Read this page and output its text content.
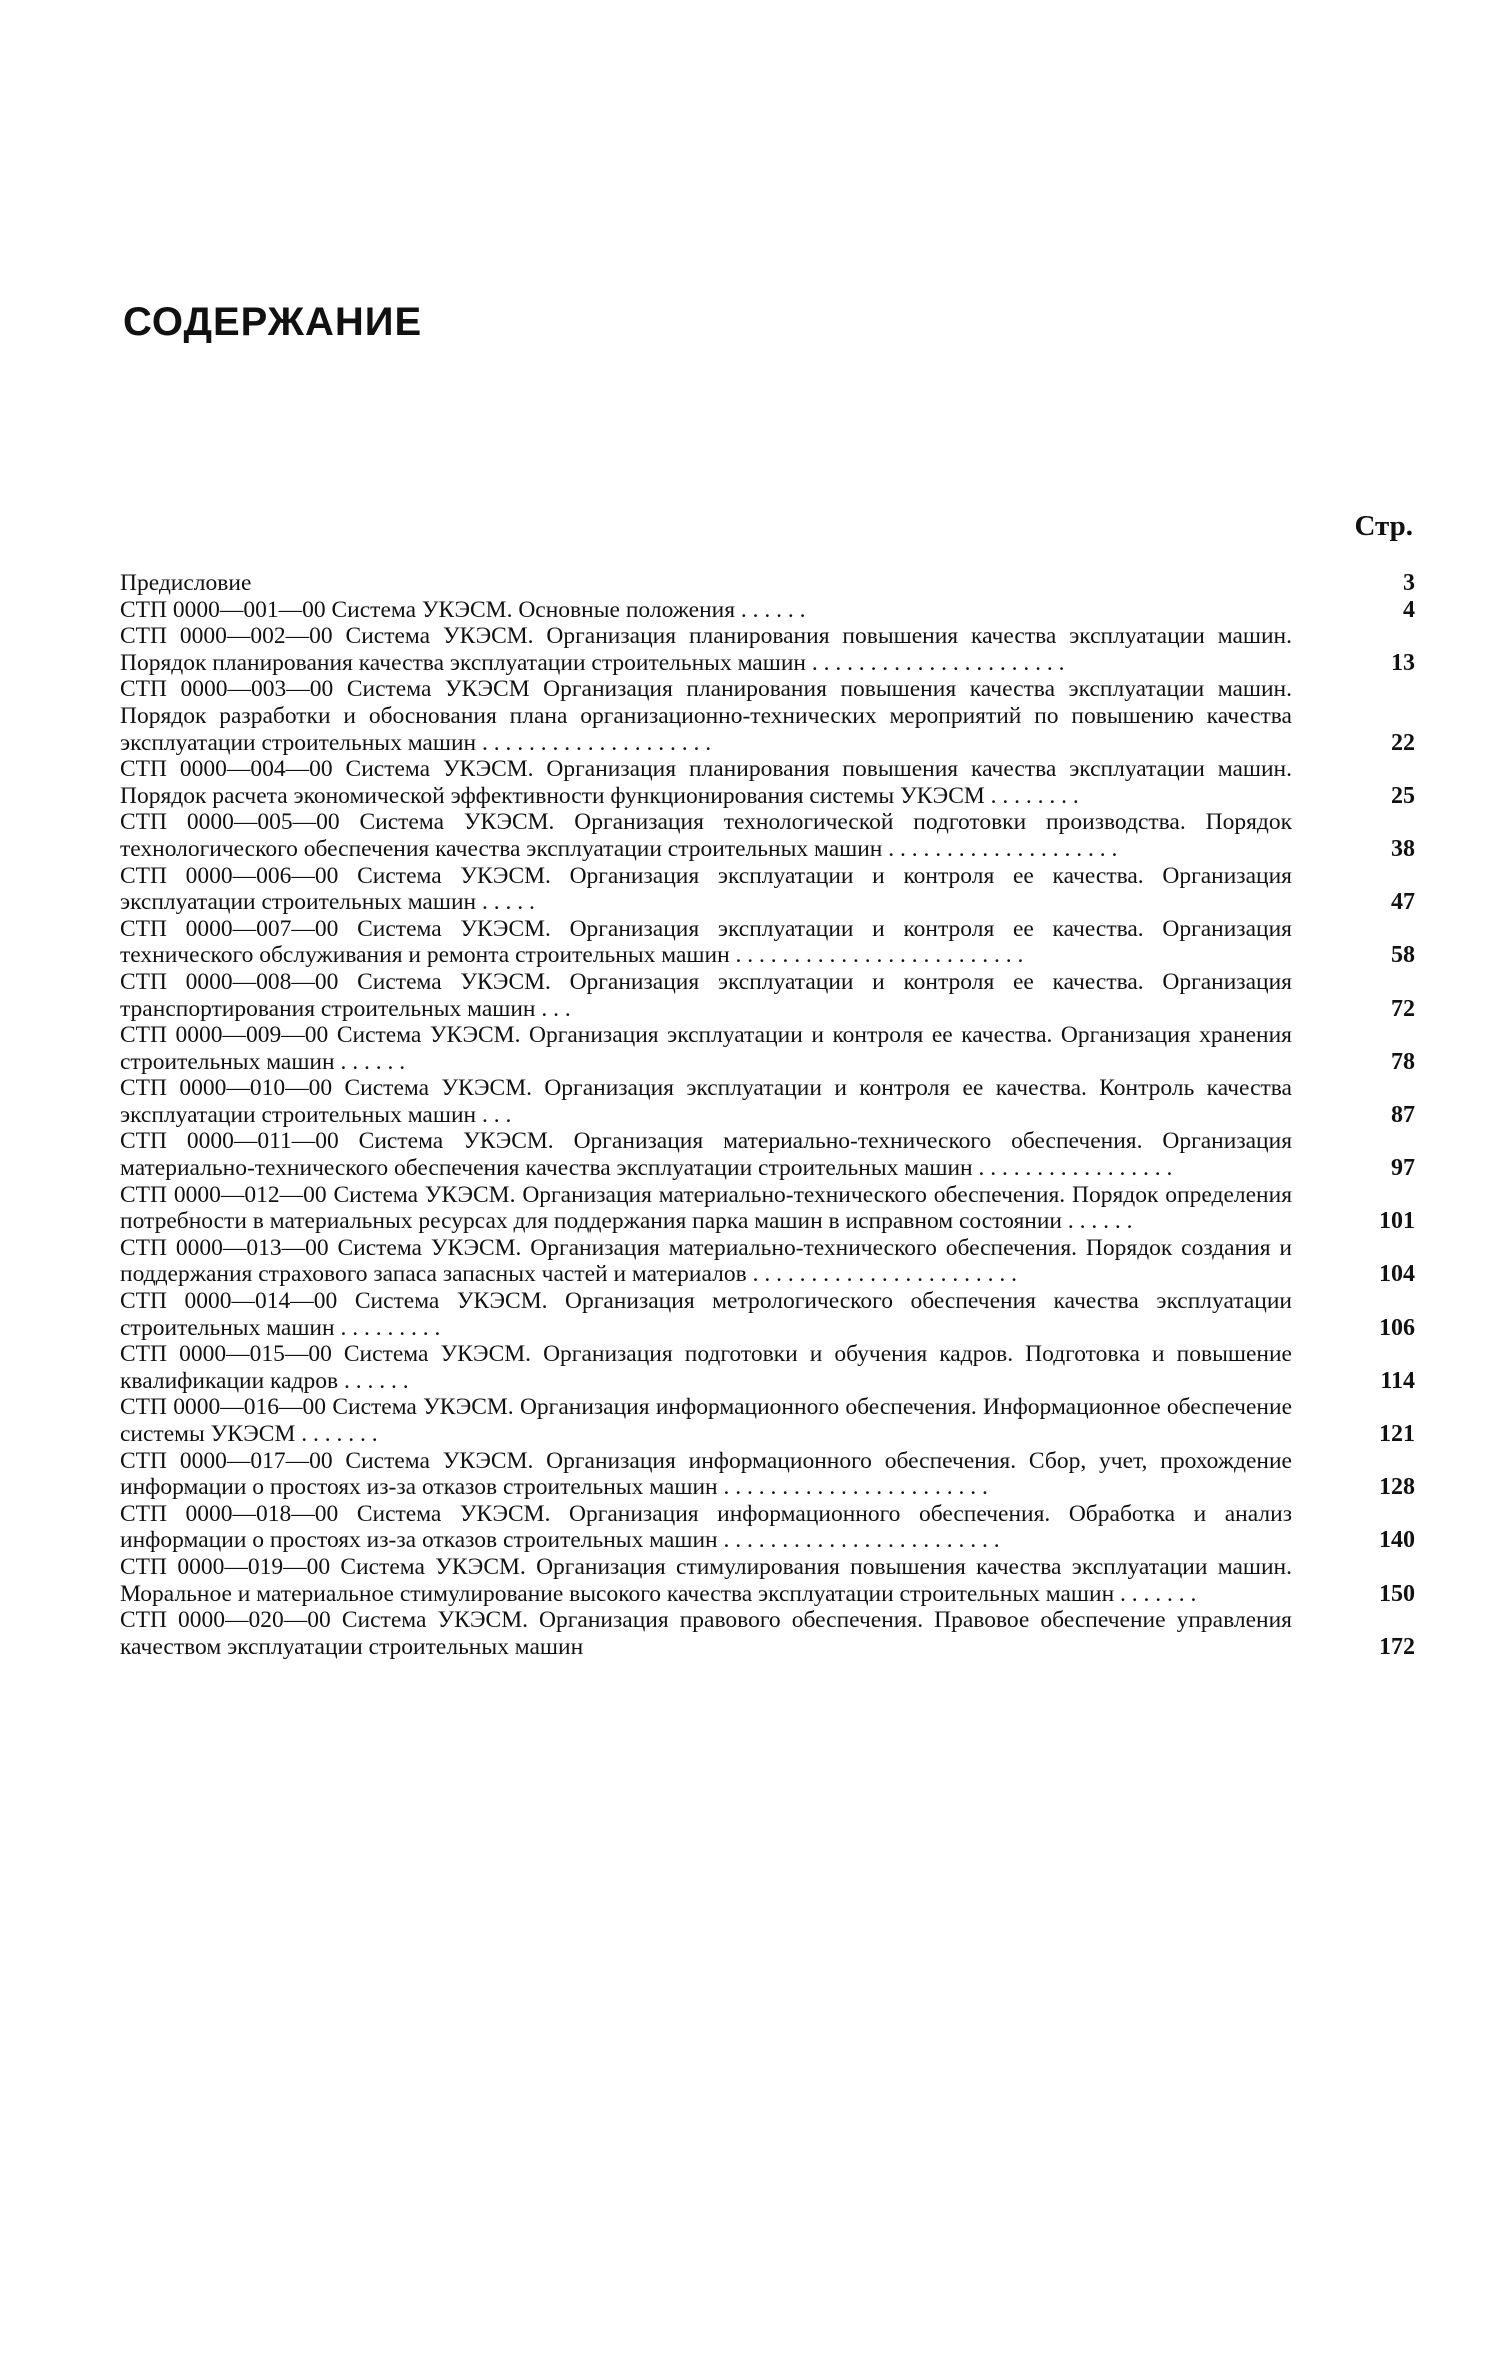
СОДЕРЖАНИЕ
Стр.
Предисловие	3
СТП 0000—001—00 Система УКЭСМ. Основные положения . . . . . .	4
СТП 0000—002—00 Система УКЭСМ. Организация планирования повышения качества эксплуатации машин. Порядок планирования качества эксплуатации строительных машин . . . . . . . . . . . . . . . . . . . . . .	13
СТП 0000—003—00 Система УКЭСМ Организация планирования повышения качества эксплуатации машин. Порядок разработки и обоснования плана организационно-технических мероприятий по повышению качества эксплуатации строительных машин . . . . . . . . . . . . . . . . . . . .	22
СТП 0000—004—00 Система УКЭСМ. Организация планирования повышения качества эксплуатации машин. Порядок расчета экономической эффективности функционирования системы УКЭСМ . . . . . . . .	25
СТП 0000—005—00 Система УКЭСМ. Организация технологической подготовки производства. Порядок технологического обеспечения качества эксплуатации строительных машин . . . . . . . . . . . . . . . . . . . .	38
СТП 0000—006—00 Система УКЭСМ. Организация эксплуатации и контроля ее качества. Организация эксплуатации строительных машин . . . . .	47
СТП 0000—007—00 Система УКЭСМ. Организация эксплуатации и контроля ее качества. Организация технического обслуживания и ремонта строительных машин . . . . . . . . . . . . . . . . . . . . . . . . .	58
СТП 0000—008—00 Система УКЭСМ. Организация эксплуатации и контроля ее качества. Организация транспортирования строительных машин . . .	72
СТП 0000—009—00 Система УКЭСМ. Организация эксплуатации и контроля ее качества. Организация хранения строительных машин . . . . . .	78
СТП 0000—010—00 Система УКЭСМ. Организация эксплуатации и контроля ее качества. Контроль качества эксплуатации строительных машин . . .	87
СТП 0000—011—00 Система УКЭСМ. Организация материально-технического обеспечения. Организация материально-технического обеспечения качества эксплуатации строительных машин . . . . . . . . . . . . . . . . .	97
СТП 0000—012—00 Система УКЭСМ. Организация материально-технического обеспечения. Порядок определения потребности в материальных ресурсах для поддержания парка машин в исправном состоянии . . . . . .	101
СТП 0000—013—00 Система УКЭСМ. Организация материально-технического обеспечения. Порядок создания и поддержания страхового запаса запасных частей и материалов . . . . . . . . . . . . . . . . . . . . . . .	104
СТП 0000—014—00 Система УКЭСМ. Организация метрологического обеспечения качества эксплуатации строительных машин . . . . . . . . .	106
СТП 0000—015—00 Система УКЭСМ. Организация подготовки и обучения кадров. Подготовка и повышение квалификации кадров . . . . . .	114
СТП 0000—016—00 Система УКЭСМ. Организация информационного обеспечения. Информационное обеспечение системы УКЭСМ . . . . . . .	121
СТП 0000—017—00 Система УКЭСМ. Организация информационного обеспечения. Сбор, учет, прохождение информации о простоях из-за отказов строительных машин . . . . . . . . . . . . . . . . . . . . . . .	128
СТП 0000—018—00 Система УКЭСМ. Организация информационного обеспечения. Обработка и анализ информации о простоях из-за отказов строительных машин . . . . . . . . . . . . . . . . . . . . . . . .	140
СТП 0000—019—00 Система УКЭСМ. Организация стимулирования повышения качества эксплуатации машин. Моральное и материальное стимулирование высокого качества эксплуатации строительных машин . . . . . . .	150
СТП 0000—020—00 Система УКЭСМ. Организация правового обеспечения. Правовое обеспечение управления качеством эксплуатации строительных машин	172
